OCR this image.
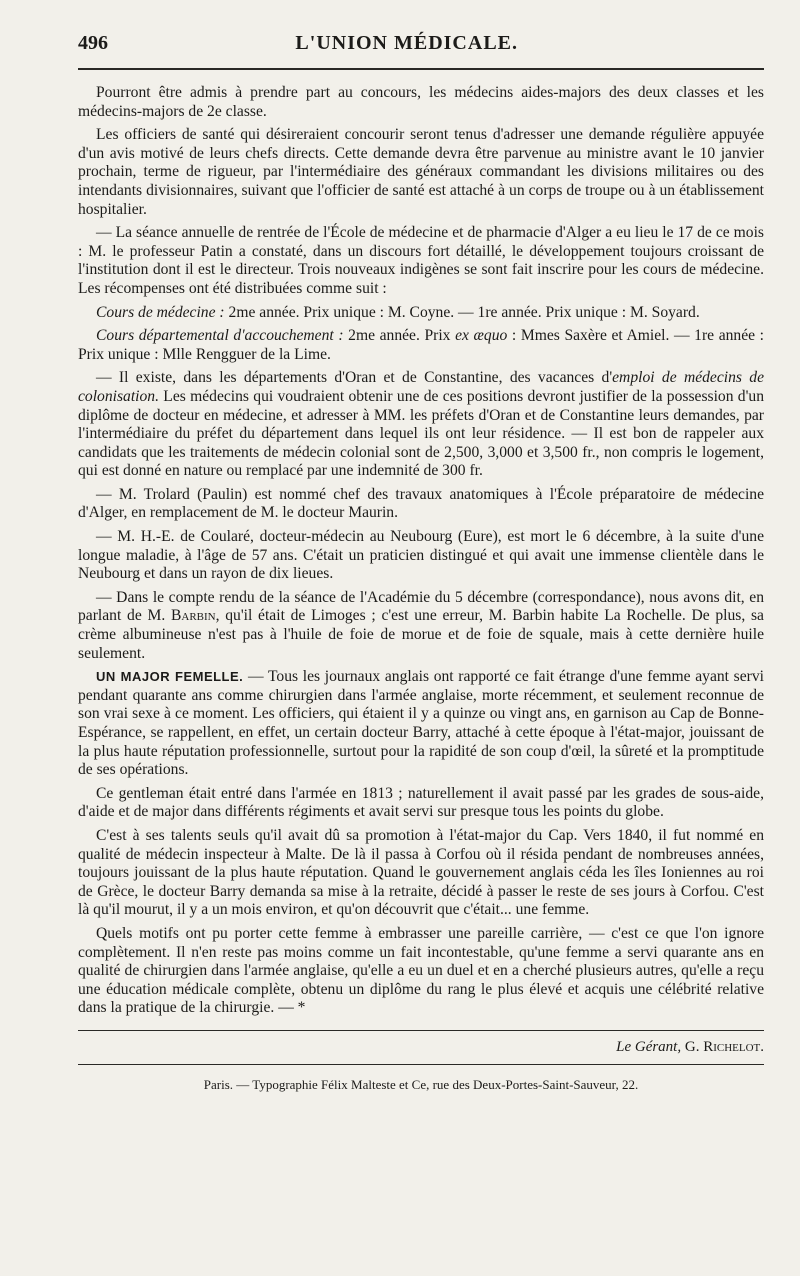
496	L'UNION MÉDICALE.

Pourront être admis à prendre part au concours, les médecins aides-majors des deux classes et les médecins-majors de 2e classe.

Les officiers de santé qui désireraient concourir seront tenus d'adresser une demande régulière appuyée d'un avis motivé de leurs chefs directs. Cette demande devra être parvenue au ministre avant le 10 janvier prochain, terme de rigueur, par l'intermédiaire des généraux commandant les divisions militaires ou des intendants divisionnaires, suivant que l'officier de santé est attaché à un corps de troupe ou à un établissement hospitalier.

— La séance annuelle de rentrée de l'École de médecine et de pharmacie d'Alger a eu lieu le 17 de ce mois : M. le professeur Patin a constaté, dans un discours fort détaillé, le développement toujours croissant de l'institution dont il est le directeur. Trois nouveaux indigènes se sont fait inscrire pour les cours de médecine. Les récompenses ont été distribuées comme suit :

Cours de médecine : 2me année. Prix unique : M. Coyne. — 1re année. Prix unique : M. Soyard.

Cours départemental d'accouchement : 2me année. Prix ex æquo : Mmes Saxère et Amiel. — 1re année : Prix unique : Mlle Rengguer de la Lime.

— Il existe, dans les départements d'Oran et de Constantine, des vacances d'emploi de médecins de colonisation. Les médecins qui voudraient obtenir une de ces positions devront justifier de la possession d'un diplôme de docteur en médecine, et adresser à MM. les préfets d'Oran et de Constantine leurs demandes, par l'intermédiaire du préfet du département dans lequel ils ont leur résidence. — Il est bon de rappeler aux candidats que les traitements de médecin colonial sont de 2,500, 3,000 et 3,500 fr., non compris le logement, qui est donné en nature ou remplacé par une indemnité de 300 fr.

— M. Trolard (Paulin) est nommé chef des travaux anatomiques à l'École préparatoire de médecine d'Alger, en remplacement de M. le docteur Maurin.

— M. H.-E. de Coularé, docteur-médecin au Neubourg (Eure), est mort le 6 décembre, à la suite d'une longue maladie, à l'âge de 57 ans. C'était un praticien distingué et qui avait une immense clientèle dans le Neubourg et dans un rayon de dix lieues.

— Dans le compte rendu de la séance de l'Académie du 5 décembre (correspondance), nous avons dit, en parlant de M. Barbin, qu'il était de Limoges ; c'est une erreur, M. Barbin habite La Rochelle. De plus, sa crème albumineuse n'est pas à l'huile de foie de morue et de foie de squale, mais à cette dernière huile seulement.

UN MAJOR FEMELLE. — Tous les journaux anglais ont rapporté ce fait étrange d'une femme ayant servi pendant quarante ans comme chirurgien dans l'armée anglaise, morte récemment, et seulement reconnue de son vrai sexe à ce moment. Les officiers, qui étaient il y a quinze ou vingt ans, en garnison au Cap de Bonne-Espérance, se rappellent, en effet, un certain docteur Barry, attaché à cette époque à l'état-major, jouissant de la plus haute réputation professionnelle, surtout pour la rapidité de son coup d'œil, la sûreté et la promptitude de ses opérations.

Ce gentleman était entré dans l'armée en 1813 ; naturellement il avait passé par les grades de sous-aide, d'aide et de major dans différents régiments et avait servi sur presque tous les points du globe.

C'est à ses talents seuls qu'il avait dû sa promotion à l'état-major du Cap. Vers 1840, il fut nommé en qualité de médecin inspecteur à Malte. De là il passa à Corfou où il résida pendant de nombreuses années, toujours jouissant de la plus haute réputation. Quand le gouvernement anglais céda les îles Ioniennes au roi de Grèce, le docteur Barry demanda sa mise à la retraite, décidé à passer le reste de ses jours à Corfou. C'est là qu'il mourut, il y a un mois environ, et qu'on découvrit que c'était... une femme.

Quels motifs ont pu porter cette femme à embrasser une pareille carrière, — c'est ce que l'on ignore complètement. Il n'en reste pas moins comme un fait incontestable, qu'une femme a servi quarante ans en qualité de chirurgien dans l'armée anglaise, qu'elle a eu un duel et en a cherché plusieurs autres, qu'elle a reçu une éducation médicale complète, obtenu un diplôme du rang le plus élevé et acquis une célébrité relative dans la pratique de la chirurgie. — *

Le Gérant, G. Richelot.
Paris. — Typographie Félix Malteste et Ce, rue des Deux-Portes-Saint-Sauveur, 22.
